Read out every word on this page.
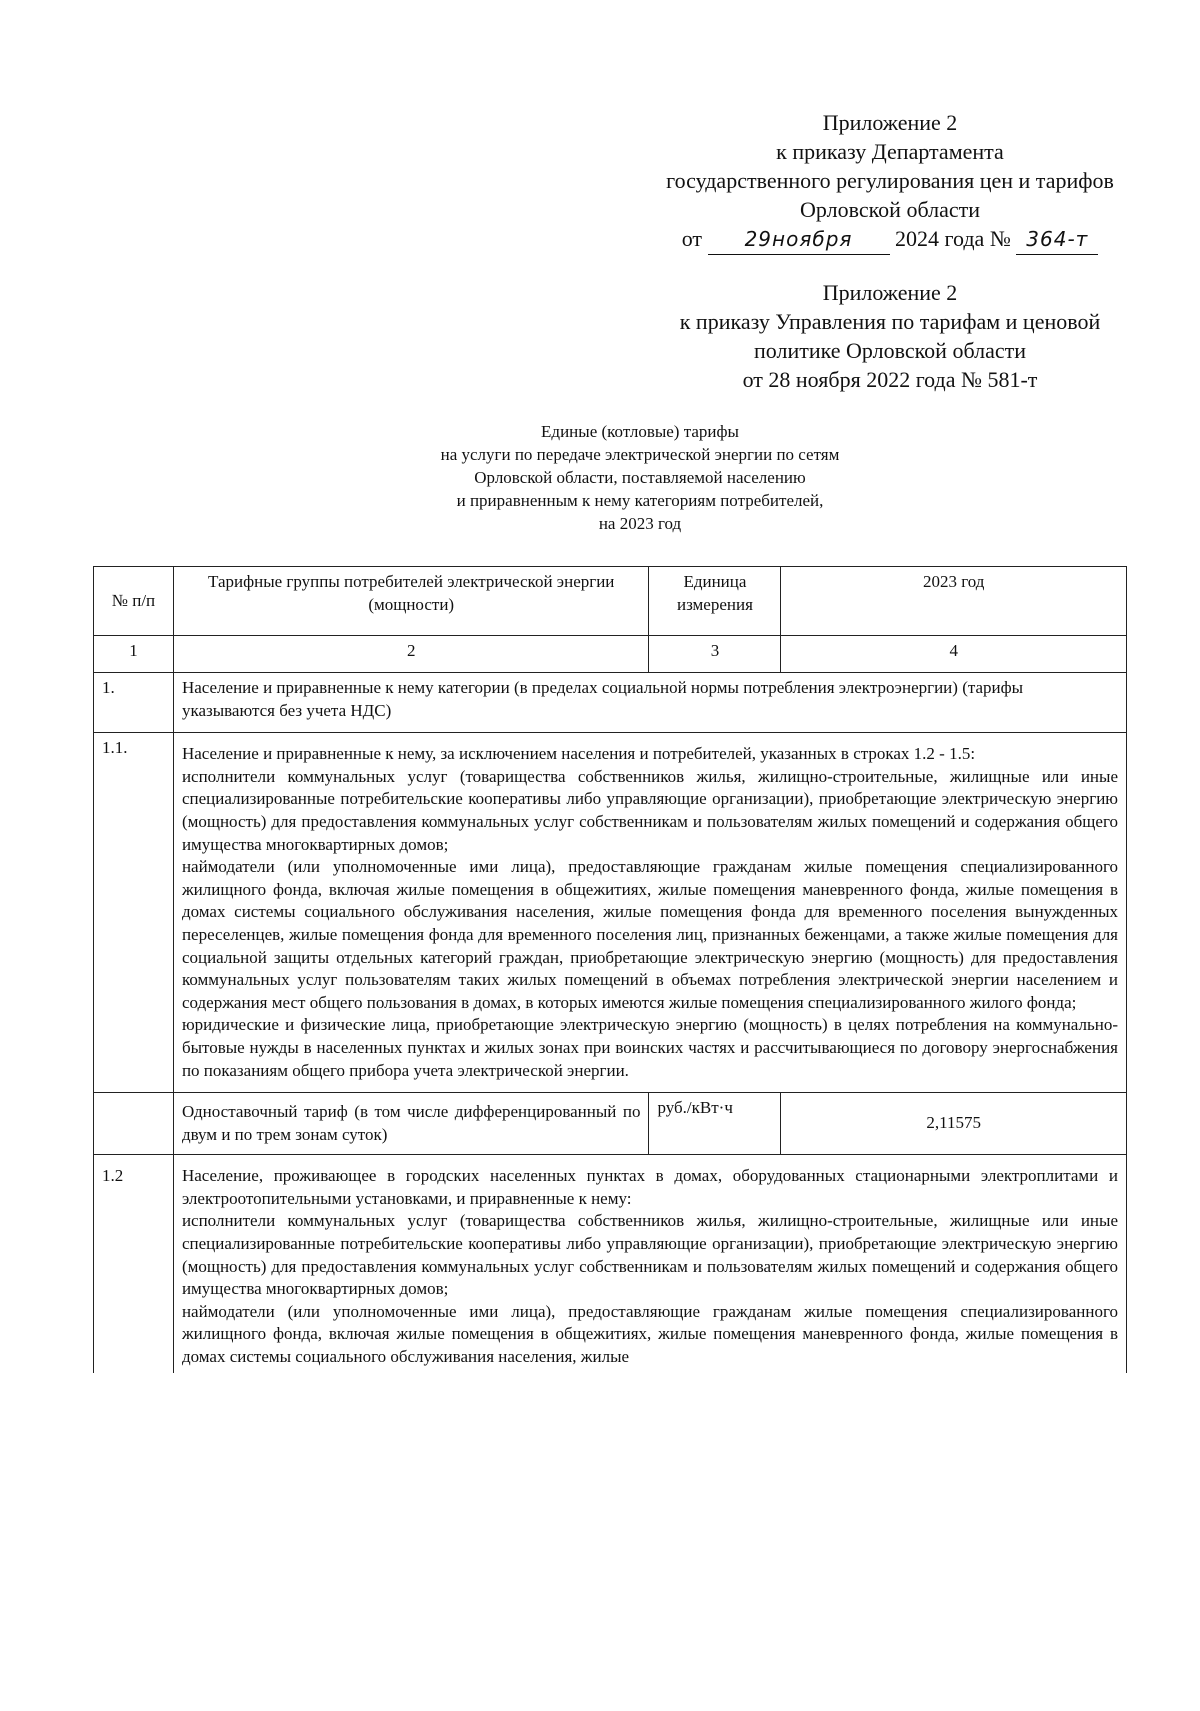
Приложение 2
к приказу Департамента
государственного регулирования цен и тарифов
Орловской области
от 29ноября 2024 года № 364-т
Приложение 2
к приказу Управления по тарифам и ценовой
политике Орловской области
от 28 ноября 2022 года № 581-т
Единые (котловые) тарифы
на услуги по передаче электрической энергии по сетям
Орловской области, поставляемой населению
и приравненным к нему категориям потребителей,
на 2023 год
№ п/п	Тарифные группы потребителей электрической энергии (мощности)	Единица измерения	2023 год
1	2	3	4
1.	Население и приравненные к нему категории (в пределах социальной нормы потребления электроэнергии) (тарифы указываются без учета НДС)		
1.1.	Население и приравненные к нему, за исключением населения и потребителей, указанных в строках 1.2 - 1.5:
исполнители коммунальных услуг (товарищества собственников жилья, жилищно-строительные, жилищные или иные специализированные потребительские кооперативы либо управляющие организации), приобретающие электрическую энергию (мощность) для предоставления коммунальных услуг собственникам и пользователям жилых помещений и содержания общего имущества многоквартирных домов;
наймодатели (или уполномоченные ими лица), предоставляющие гражданам жилые помещения специализированного жилищного фонда, включая жилые помещения в общежитиях, жилые помещения маневренного фонда, жилые помещения в домах системы социального обслуживания населения, жилые помещения фонда для временного поселения вынужденных переселенцев, жилые помещения фонда для временного поселения лиц, признанных беженцами, а также жилые помещения для социальной защиты отдельных категорий граждан, приобретающие электрическую энергию (мощность) для предоставления коммунальных услуг пользователям таких жилых помещений в объемах потребления электрической энергии населением и содержания мест общего пользования в домах, в которых имеются жилые помещения специализированного жилого фонда;
юридические и физические лица, приобретающие электрическую энергию (мощность) в целях потребления на коммунально-бытовые нужды в населенных пунктах и жилых зонах при воинских частях и рассчитывающиеся по договору энергоснабжения по показаниям общего прибора учета электрической энергии.		

	Одноставочный тариф (в том числе дифференцированный по двум и по трем зонам суток)	руб./кВт·ч	2,11575
1.2	Население, проживающее в городских населенных пунктах в домах, оборудованных стационарными электроплитами и электроотопительными установками, и приравненные к нему:
исполнители коммунальных услуг (товарищества собственников жилья, жилищно-строительные, жилищные или иные специализированные потребительские кооперативы либо управляющие организации), приобретающие электрическую энергию (мощность) для предоставления коммунальных услуг собственникам и пользователям жилых помещений и содержания общего имущества многоквартирных домов;
наймодатели (или уполномоченные ими лица), предоставляющие гражданам жилые помещения специализированного жилищного фонда, включая жилые помещения в общежитиях, жилые помещения маневренного фонда, жилые помещения в домах системы социального обслуживания населения, жилые		
